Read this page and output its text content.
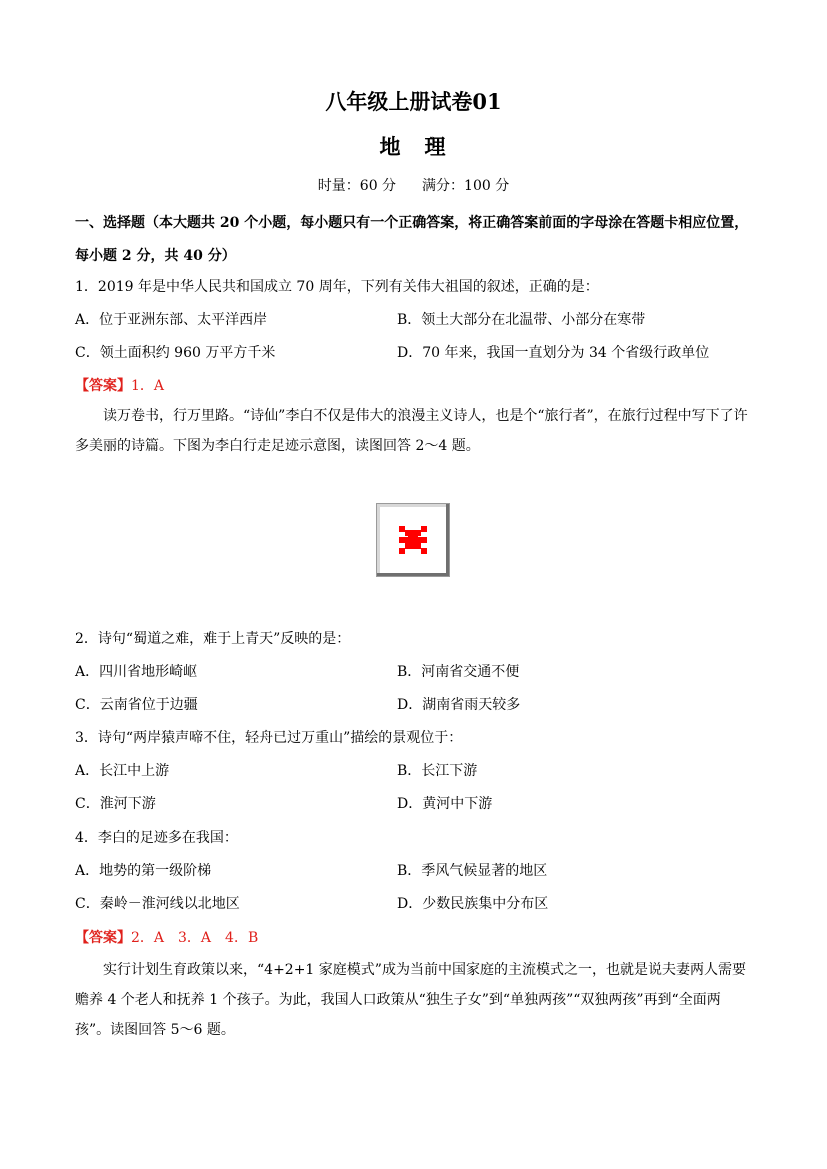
八年级上册试卷01
地 理
时量：60 分 满分：100 分
一、选择题（本大题共 20 个小题，每小题只有一个正确答案，将正确答案前面的字母涂在答题卡相应位置，每小题 2 分，共 40 分）
1．2019 年是中华人民共和国成立 70 周年，下列有关伟大祖国的叙述，正确的是：
A．位于亚洲东部、太平洋西岸	B．领土大部分在北温带、小部分在寒带
C．领土面积约 960 万平方千米	D．70 年来，我国一直划分为 34 个省级行政单位
【答案】1．A
读万卷书，行万里路。“诗仙”李白不仅是伟大的浪漫主义诗人，也是个“旅行者”，在旅行过程中写下了许多美丽的诗篇。下图为李白行走足迹示意图，读图回答 2～4 题。
2．诗句“蜀道之难，难于上青天”反映的是：
A．四川省地形崎岖	B．河南省交通不便
C．云南省位于边疆	D．湖南省雨天较多
3．诗句“两岸猿声啼不住，轻舟已过万重山”描绘的景观位于：
A．长江中上游	B．长江下游
C．淮河下游	D．黄河中下游
4．李白的足迹多在我国：
A．地势的第一级阶梯	B．季风气候显著的地区
C．秦岭－淮河线以北地区	D．少数民族集中分布区
【答案】2．A　3．A　4．B
实行计划生育政策以来，“4+2+1 家庭模式”成为当前中国家庭的主流模式之一，也就是说夫妻两人需要赡养 4 个老人和抚养 1 个孩子。为此，我国人口政策从“独生子女”到“单独两孩”“双独两孩”再到“全面两孩”。读图回答 5～6 题。
